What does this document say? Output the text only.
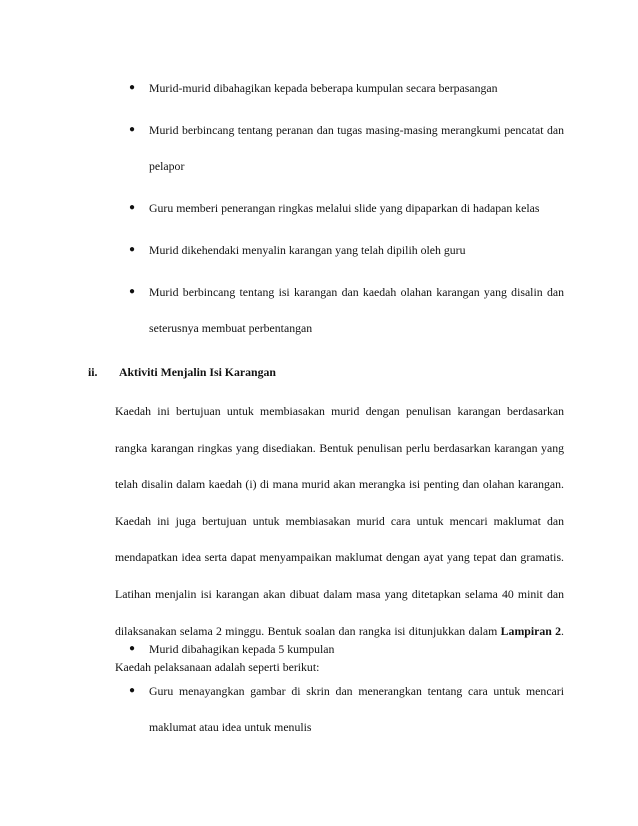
●	Murid-murid dibahagikan kepada beberapa kumpulan secara berpasangan
●	Murid berbincang tentang peranan dan tugas masing-masing merangkumi pencatat dan pelapor
●	Guru memberi penerangan ringkas melalui slide yang dipaparkan di hadapan kelas
●	Murid dikehendaki menyalin karangan yang telah dipilih oleh guru
●	Murid berbincang tentang isi karangan dan kaedah olahan karangan yang disalin dan seterusnya membuat perbentangan
ii. Aktiviti Menjalin Isi Karangan

Kaedah ini bertujuan untuk membiasakan murid dengan penulisan karangan berdasarkan rangka karangan ringkas yang disediakan. Bentuk penulisan perlu berdasarkan karangan yang telah disalin dalam kaedah (i) di mana murid akan merangka isi penting dan olahan karangan. Kaedah ini juga bertujuan untuk membiasakan murid cara untuk mencari maklumat dan mendapatkan idea serta dapat menyampaikan maklumat dengan ayat yang tepat dan gramatis. Latihan menjalin isi karangan akan dibuat dalam masa yang ditetapkan selama 40 minit dan dilaksanakan selama 2 minggu. Bentuk soalan dan rangka isi ditunjukkan dalam Lampiran 2. Kaedah pelaksanaan adalah seperti berikut:

●	Murid dibahagikan kepada 5 kumpulan
●	Guru menayangkan gambar di skrin dan menerangkan tentang cara untuk mencari maklumat atau idea untuk menulis
